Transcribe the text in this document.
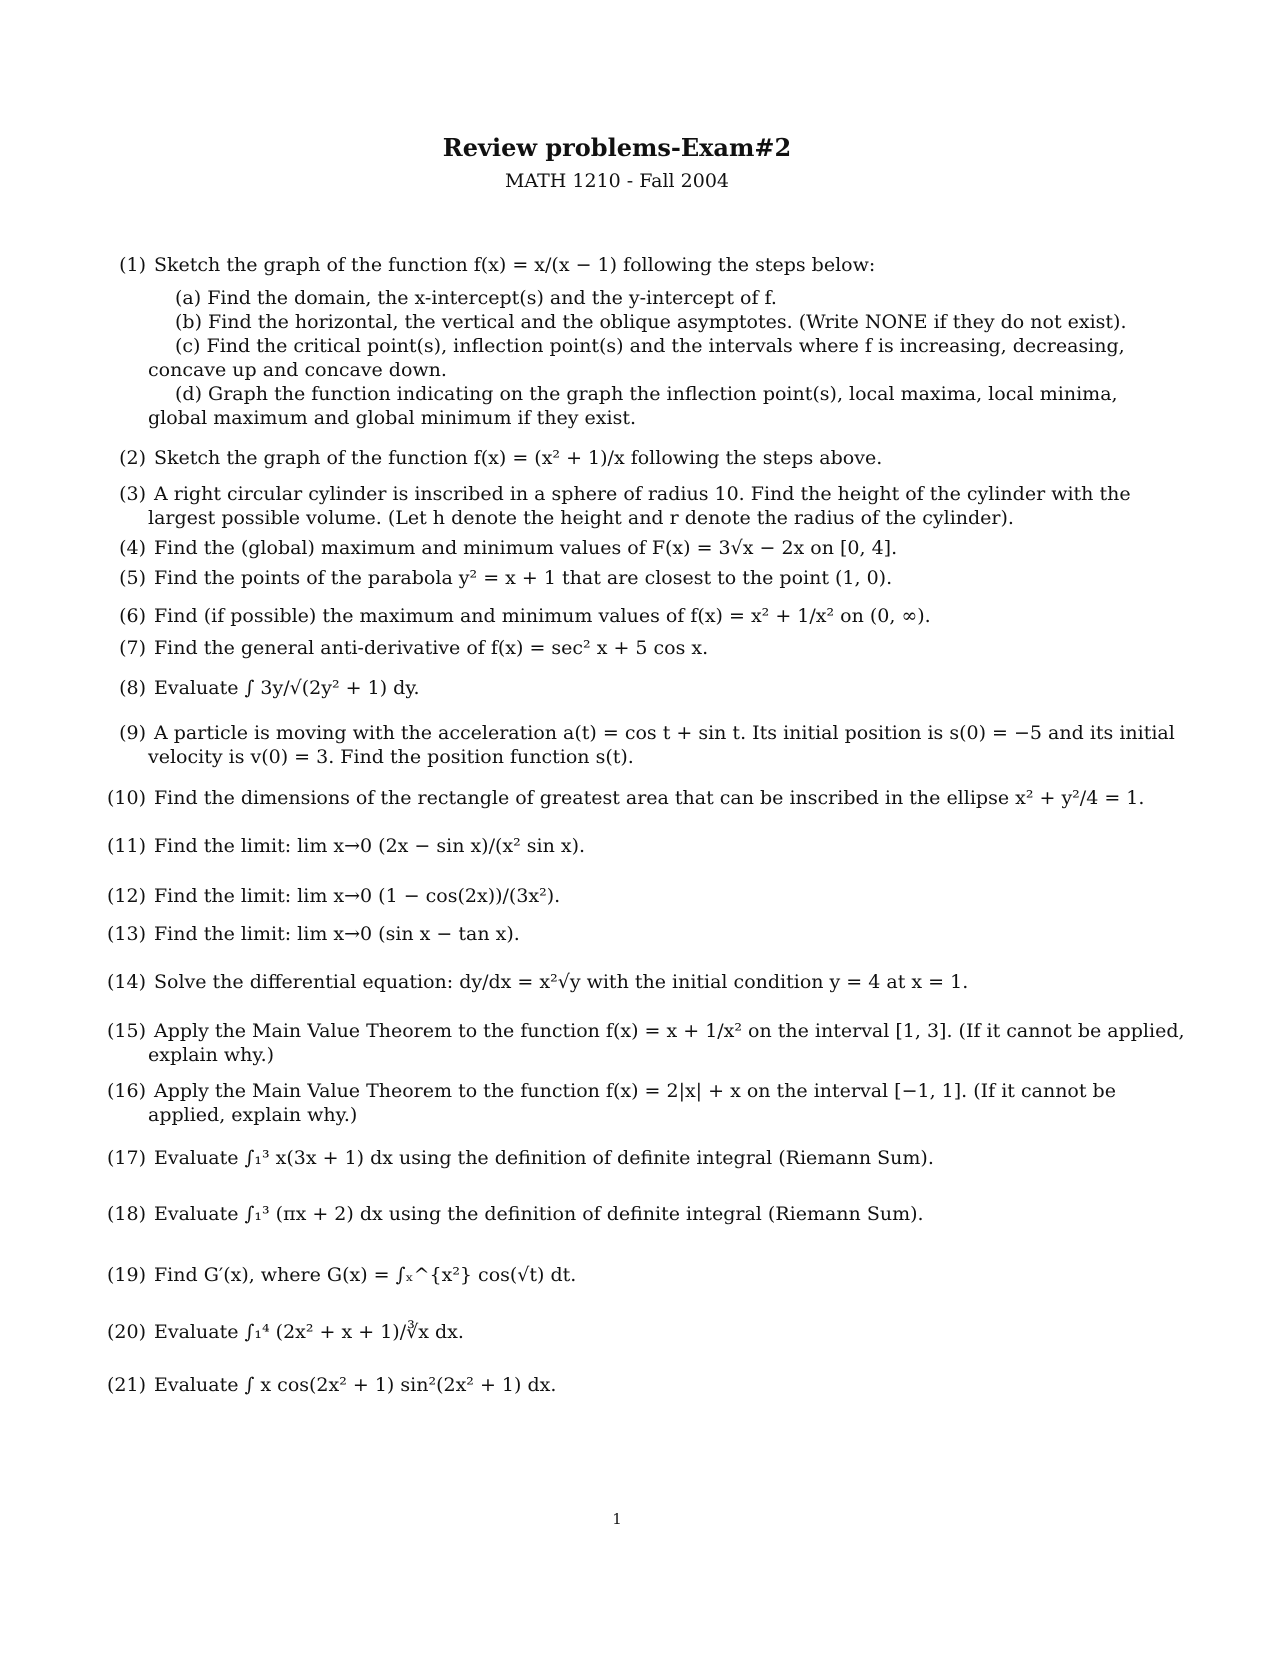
Review problems-Exam#2
MATH 1210 - Fall 2004
(1) Sketch the graph of the function f(x) = x/(x − 1) following the steps below:
(a) Find the domain, the x-intercept(s) and the y-intercept of f.
(b) Find the horizontal, the vertical and the oblique asymptotes. (Write NONE if they do not exist).
(c) Find the critical point(s), inflection point(s) and the intervals where f is increasing, decreasing, concave up and concave down.
(d) Graph the function indicating on the graph the inflection point(s), local maxima, local minima, global maximum and global minimum if they exist.
(2) Sketch the graph of the function f(x) = (x² + 1)/x following the steps above.
(3) A right circular cylinder is inscribed in a sphere of radius 10. Find the height of the cylinder with the largest possible volume. (Let h denote the height and r denote the radius of the cylinder).
(4) Find the (global) maximum and minimum values of F(x) = 3√x − 2x on [0, 4].
(5) Find the points of the parabola y² = x + 1 that are closest to the point (1, 0).
(6) Find (if possible) the maximum and minimum values of f(x) = x² + 1/x² on (0, ∞).
(7) Find the general anti-derivative of f(x) = sec² x + 5 cos x.
(8) Evaluate ∫ 3y/√(2y² + 1) dy.
(9) A particle is moving with the acceleration a(t) = cos t + sin t. Its initial position is s(0) = −5 and its initial velocity is v(0) = 3. Find the position function s(t).
(10) Find the dimensions of the rectangle of greatest area that can be inscribed in the ellipse x² + y²/4 = 1.
(11) Find the limit: lim x→0 (2x − sin x)/(x² sin x).
(12) Find the limit: lim x→0 (1 − cos(2x))/(3x²).
(13) Find the limit: lim x→0 (sin x − tan x).
(14) Solve the differential equation: dy/dx = x²√y with the initial condition y = 4 at x = 1.
(15) Apply the Main Value Theorem to the function f(x) = x + 1/x² on the interval [1, 3]. (If it cannot be applied, explain why.)
(16) Apply the Main Value Theorem to the function f(x) = 2|x| + x on the interval [−1, 1]. (If it cannot be applied, explain why.)
(17) Evaluate ∫₁³ x(3x + 1) dx using the definition of definite integral (Riemann Sum).
(18) Evaluate ∫₁³ (πx + 2) dx using the definition of definite integral (Riemann Sum).
(19) Find G′(x), where G(x) = ∫ₓ^{x²} cos(√t) dt.
(20) Evaluate ∫₁⁴ (2x² + x + 1)/∛x dx.
(21) Evaluate ∫ x cos(2x² + 1) sin²(2x² + 1) dx.
1
